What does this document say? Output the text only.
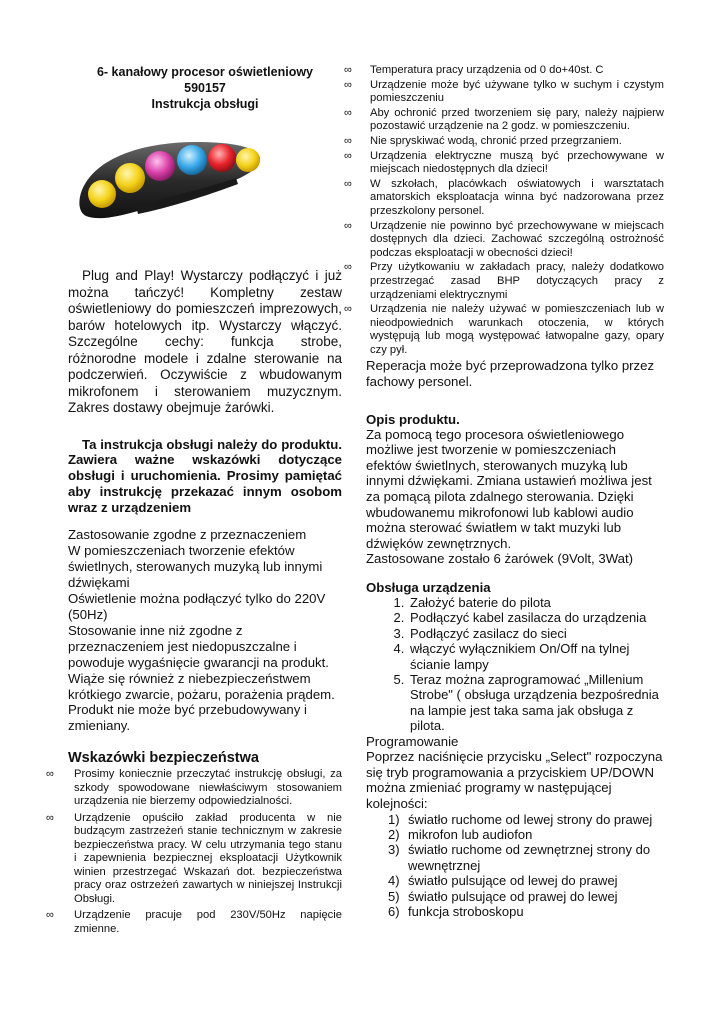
6- kanałowy procesor oświetleniowy
590157
Instrukcja obsługi
Plug and Play! Wystarczy podłączyć i już można tańczyć! Kompletny zestaw oświetleniowy do pomieszczeń imprezowych, barów hotelowych itp. Wystarczy włączyć. Szczególne cechy: funkcja strobe, różnorodne modele i zdalne sterowanie na podczerwień. Oczywiście z wbudowanym mikrofonem i sterowaniem muzycznym. Zakres dostawy obejmuje żarówki.
Ta instrukcja obsługi należy do produktu. Zawiera ważne wskazówki dotyczące obsługi i uruchomienia. Prosimy pamiętać aby instrukcję przekazać innym osobom wraz z urządzeniem
Zastosowanie zgodne z przeznaczeniem
W pomieszczeniach tworzenie efektów
świetlnych, sterowanych muzyką lub innymi
dźwiękami
Oświetlenie można podłączyć tylko do 220V
(50Hz)
Stosowanie inne niż zgodne z
przeznaczeniem jest niedopuszczalne i
powoduje wygaśnięcie gwarancji na produkt.
Wiąże się również z niebezpieczeństwem
krótkiego zwarcie, pożaru, porażenia prądem.
Produkt nie może być przebudowywany i
zmieniany.
Wskazówki bezpieczeństwa
∞ Prosimy koniecznie przeczytać instrukcję obsługi, za szkody spowodowane niewłaściwym stosowaniem urządzenia nie bierzemy odpowiedzialności.
∞ Urządzenie opuściło zakład producenta w nie budzącym zastrzeżeń stanie technicznym w zakresie bezpieczeństwa pracy. W celu utrzymania tego stanu i zapewnienia bezpiecznej eksploatacji Użytkownik winien przestrzegać Wskazań dot. bezpieczeństwa pracy oraz ostrzeżeń zawartych w niniejszej Instrukcji Obsługi.
∞ Urządzenie pracuje pod 230V/50Hz napięcie zmienne.
∞ Temperatura pracy urządzenia od 0 do+40st. C
∞ Urządzenie może być używane tylko w suchym i czystym pomieszczeniu
∞ Aby ochronić przed tworzeniem się pary, należy najpierw pozostawić urządzenie na 2 godz. w pomieszczeniu.
∞ Nie spryskiwać wodą, chronić przed przegrzaniem.
∞ Urządzenia elektryczne muszą być przechowywane w miejscach niedostępnych dla dzieci!
∞ W szkołach, placówkach oświatowych i warsztatach amatorskich eksploatacja winna być nadzorowana przez przeszkolony personel.
∞ Urządzenie nie powinno być przechowywane w miejscach dostępnych dla dzieci. Zachować szczególną ostrożność podczas eksploatacji w obecności dzieci!
∞ Przy użytkowaniu w zakładach pracy, należy dodatkowo przestrzegać zasad BHP dotyczących pracy z urządzeniami elektrycznymi
∞ Urządzenia nie należy używać w pomieszczeniach lub w nieodpowiednich warunkach otoczenia, w których występują lub mogą występować łatwopalne gazy, opary czy pył.
Reperacja może być przeprowadzona tylko przez fachowy personel.
Opis produktu.
Za pomocą tego procesora oświetleniowego możliwe jest tworzenie w pomieszczeniach efektów świetlnych, sterowanych muzyką lub innymi dźwiękami. Zmiana ustawień możliwa jest za pomącą pilota zdalnego sterowania. Dzięki wbudowanemu mikrofonowi lub kablowi audio można sterować światłem w takt muzyki lub dźwięków zewnętrznych.
Zastosowane zostało 6 żarówek (9Volt, 3Wat)
Obsługa urządzenia
1. Założyć baterie do pilota
2. Podłączyć kabel zasilacza do urządzenia
3. Podłączyć zasilacz do sieci
4. włączyć wyłącznikiem On/Off na tylnej ścianie lampy
5. Teraz można zaprogramować „Millenium Strobe" ( obsługa urządzenia bezpośrednia na lampie jest taka sama jak obsługa z pilota.
Programowanie
Poprzez naciśnięcie przycisku „Select" rozpoczyna się tryb programowania a przyciskiem UP/DOWN można zmieniać programy w następującej kolejności:
1) światło ruchome od lewej strony do prawej
2) mikrofon lub audiofon
3) światło ruchome od zewnętrznej strony do wewnętrznej
4) światło pulsujące od lewej do prawej
5) światło pulsujące od prawej do lewej
6) funkcja stroboskopu
